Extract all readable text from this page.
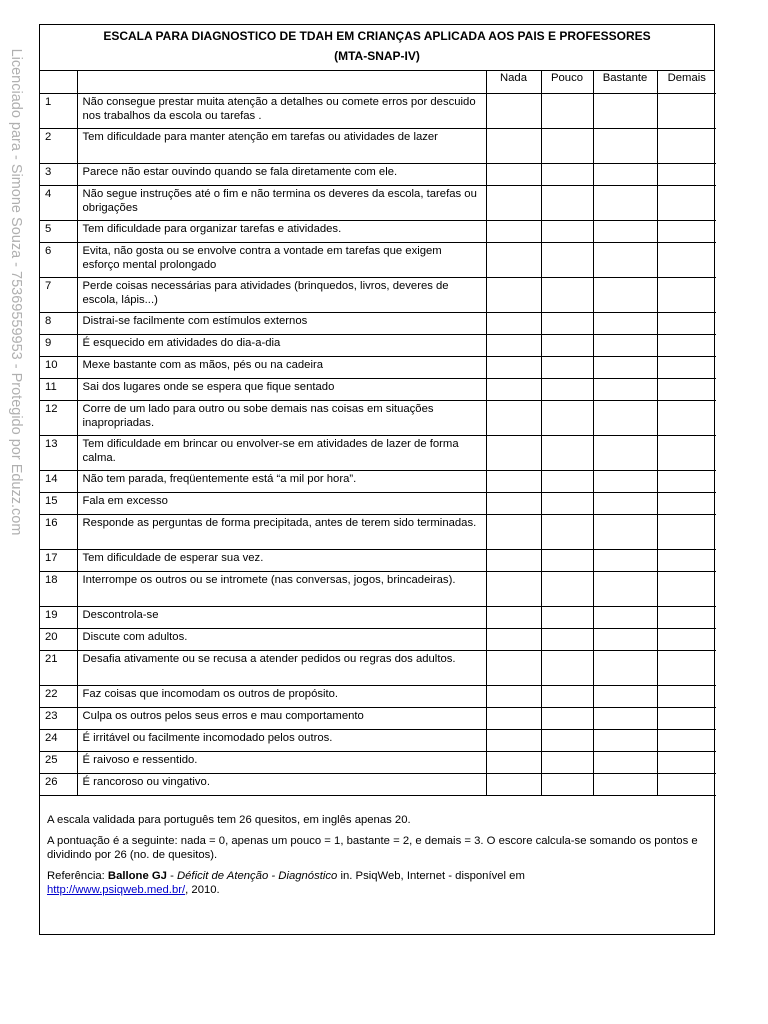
Licenciado para - Simone Souza - 75369559953 - Protegido por Eduzz.com
ESCALA PARA DIAGNOSTICO DE TDAH EM CRIANÇAS APLICADA AOS PAIS E PROFESSORES
(MTA-SNAP-IV)
		Nada	Pouco	Bastante	Demais
1	Não consegue prestar muita atenção a detalhes ou comete erros por descuido nos trabalhos da escola ou tarefas .				
2	Tem dificuldade para manter atenção em tarefas ou atividades de lazer				
3	Parece não estar ouvindo quando se fala diretamente com ele.				
4	Não segue instruções até o fim e não termina os deveres da escola, tarefas ou obrigações				
5	Tem dificuldade para organizar tarefas e atividades.				
6	Evita, não gosta ou se envolve contra a vontade em tarefas que exigem esforço mental prolongado				
7	Perde coisas necessárias para atividades (brinquedos, livros, deveres de escola, lápis...)				
8	Distrai-se facilmente com estímulos externos				
9	É esquecido em atividades do dia-a-dia				
10	Mexe bastante com as mãos, pés ou na cadeira				
11	Sai dos lugares onde se espera que fique sentado				
12	Corre de um lado para outro ou sobe demais nas coisas em situações inapropriadas.				
13	Tem dificuldade em brincar ou envolver-se em atividades de lazer de forma calma.				
14	Não tem parada, freqüentemente está “a mil por hora”.				
15	Fala em excesso				
16	Responde as perguntas de forma precipitada, antes de terem sido terminadas.				
17	Tem dificuldade de esperar sua vez.				
18	Interrompe os outros ou se intromete (nas conversas, jogos, brincadeiras).				
19	Descontrola-se				
20	Discute com adultos.				
21	Desafia ativamente ou se recusa a atender pedidos ou regras dos adultos.				
22	Faz coisas que incomodam os outros de propósito.				
23	Culpa os outros pelos seus erros e mau comportamento				
24	É irritável ou facilmente incomodado pelos outros.				
25	É raivoso e ressentido.				
26	É rancoroso ou vingativo.				

A escala validada para português tem 26 quesitos, em inglês apenas 20.

A pontuação é a seguinte: nada = 0, apenas um pouco = 1, bastante = 2, e demais = 3. O escore calcula-se somando os pontos e dividindo por 26 (no. de quesitos).

Referência: Ballone GJ - Déficit de Atenção - Diagnóstico in. PsiqWeb, Internet - disponível em
http://www.psiqweb.med.br/, 2010.
